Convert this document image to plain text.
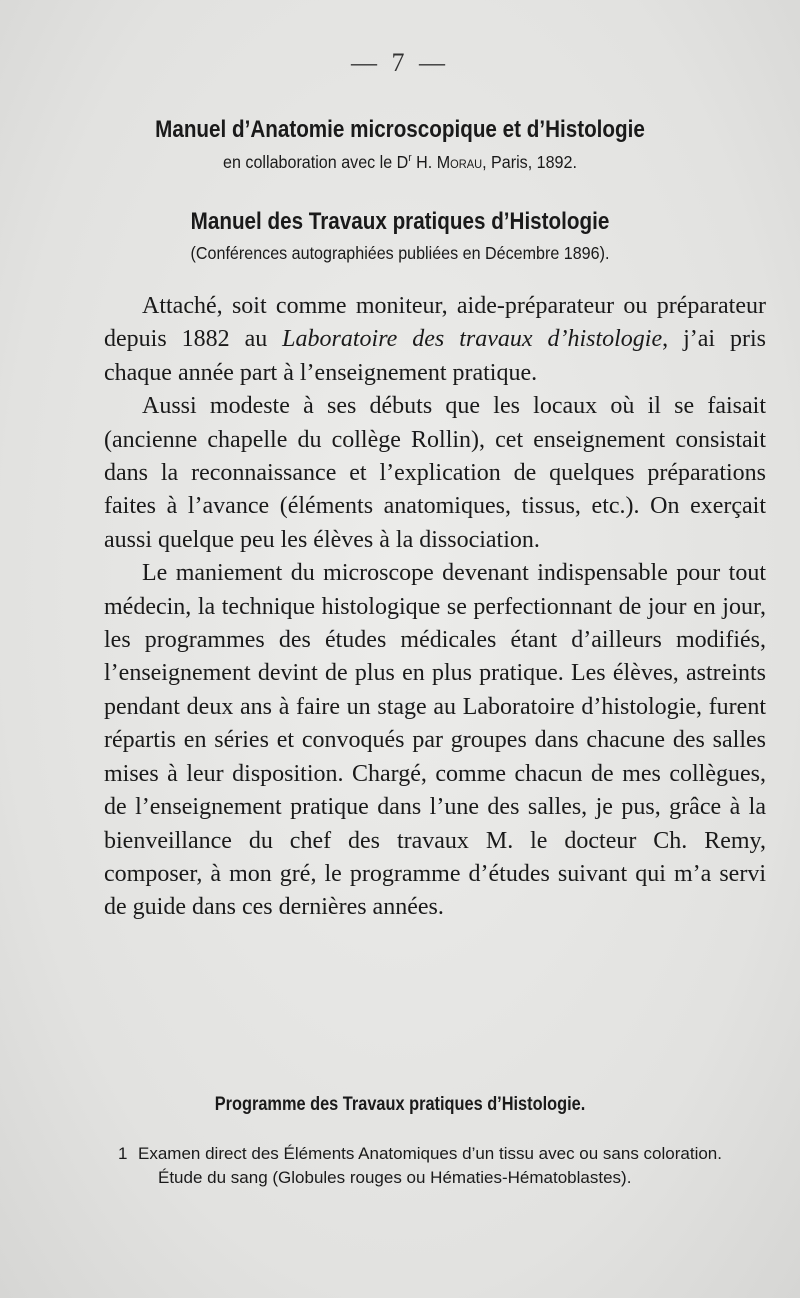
— 7 —
Manuel d’Anatomie microscopique et d’Histologie
en collaboration avec le $D^r$ H. Morau, Paris, 1892.
Manuel des Travaux pratiques d’Histologie
(Conférences autographiées publiées en Décembre 1896).

Attaché, soit comme moniteur, aide-préparateur ou préparateur depuis 1882 au Laboratoire des travaux d’histologie, j’ai pris chaque année part à l’enseignement pratique.

Aussi modeste à ses débuts que les locaux où il se faisait (ancienne chapelle du collège Rollin), cet enseignement consistait dans la reconnaissance et l’explication de quelques préparations faites à l’avance (éléments anatomiques, tissus, etc.). On exerçait aussi quelque peu les élèves à la dissociation.

Le maniement du microscope devenant indispensable pour tout médecin, la technique histologique se perfectionnant de jour en jour, les programmes des études médicales étant d’ailleurs modifiés, l’enseignement devint de plus en plus pratique. Les élèves, astreints pendant deux ans à faire un stage au Laboratoire d’histologie, furent répartis en séries et convoqués par groupes dans chacune des salles mises à leur disposition. Chargé, comme chacun de mes collègues, de l’enseignement pratique dans l’une des salles, je pus, grâce à la bienveillance du chef des travaux M. le docteur Ch. Remy, composer, à mon gré, le programme d’études suivant qui m’a servi de guide dans ces dernières années.

Programme des Travaux pratiques d’Histologie.
1 Examen direct des Éléments Anatomiques d’un tissu avec ou sans coloration.
Étude du sang (Globules rouges ou Hématies-Hématoblastes).
